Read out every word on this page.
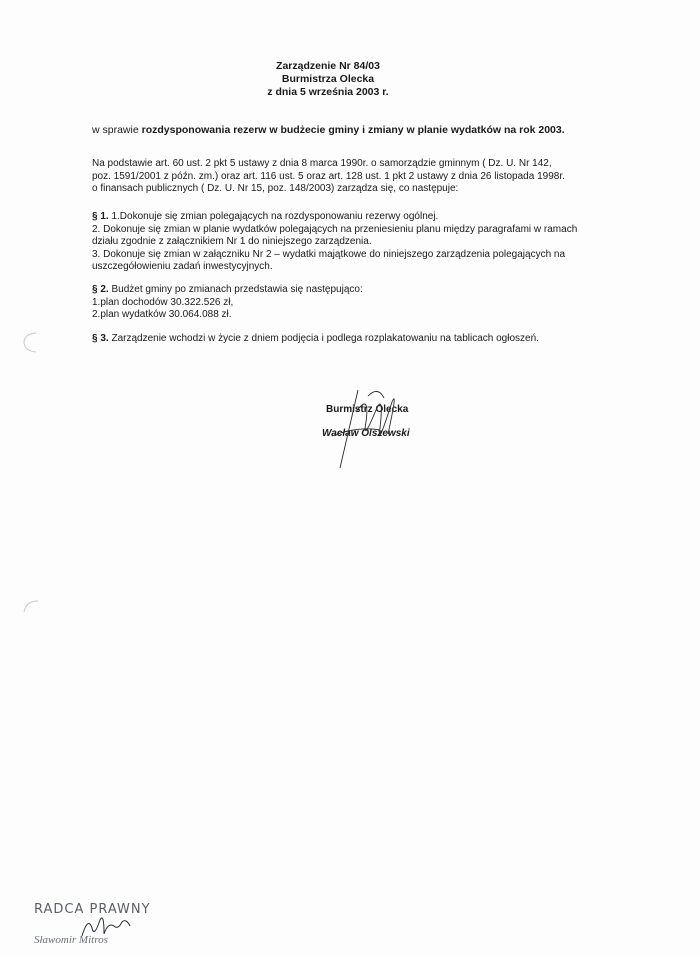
Zarządzenie Nr 84/03
Burmistrza Olecka
z dnia 5 września 2003 r.
w sprawie rozdysponowania rezerw w budżecie gminy i zmiany w planie wydatków na rok 2003.
Na podstawie art. 60 ust. 2 pkt 5 ustawy z dnia 8 marca 1990r. o samorządzie gminnym ( Dz. U. Nr 142,
poz. 1591/2001 z późn. zm.) oraz art. 116 ust. 5 oraz art. 128 ust. 1 pkt 2 ustawy z dnia 26 listopada 1998r.
o finansach publicznych ( Dz. U. Nr 15, poz. 148/2003) zarządza się, co następuje:
§ 1. 1.Dokonuje się zmian polegających na rozdysponowaniu rezerwy ogólnej.
2. Dokonuje się zmian w planie wydatków polegających na przeniesieniu planu między paragrafami w ramach
działu zgodnie z załącznikiem Nr 1 do niniejszego zarządzenia.
3. Dokonuje się zmian w załączniku Nr 2 – wydatki majątkowe do niniejszego zarządzenia polegających na
uszczegółowieniu zadań inwestycyjnych.
§ 2. Budżet gminy po zmianach przedstawia się następująco:
1.plan dochodów 30.322.526 zł,
2.plan wydatków 30.064.088 zł.
§ 3. Zarządzenie wchodzi w życie z dniem podjęcia i podlega rozplakatowaniu na tablicach ogłoszeń.
Burmistrz Olecka
Wacław Olszewski
RADCA PRAWNY
Sławomir Mitros
